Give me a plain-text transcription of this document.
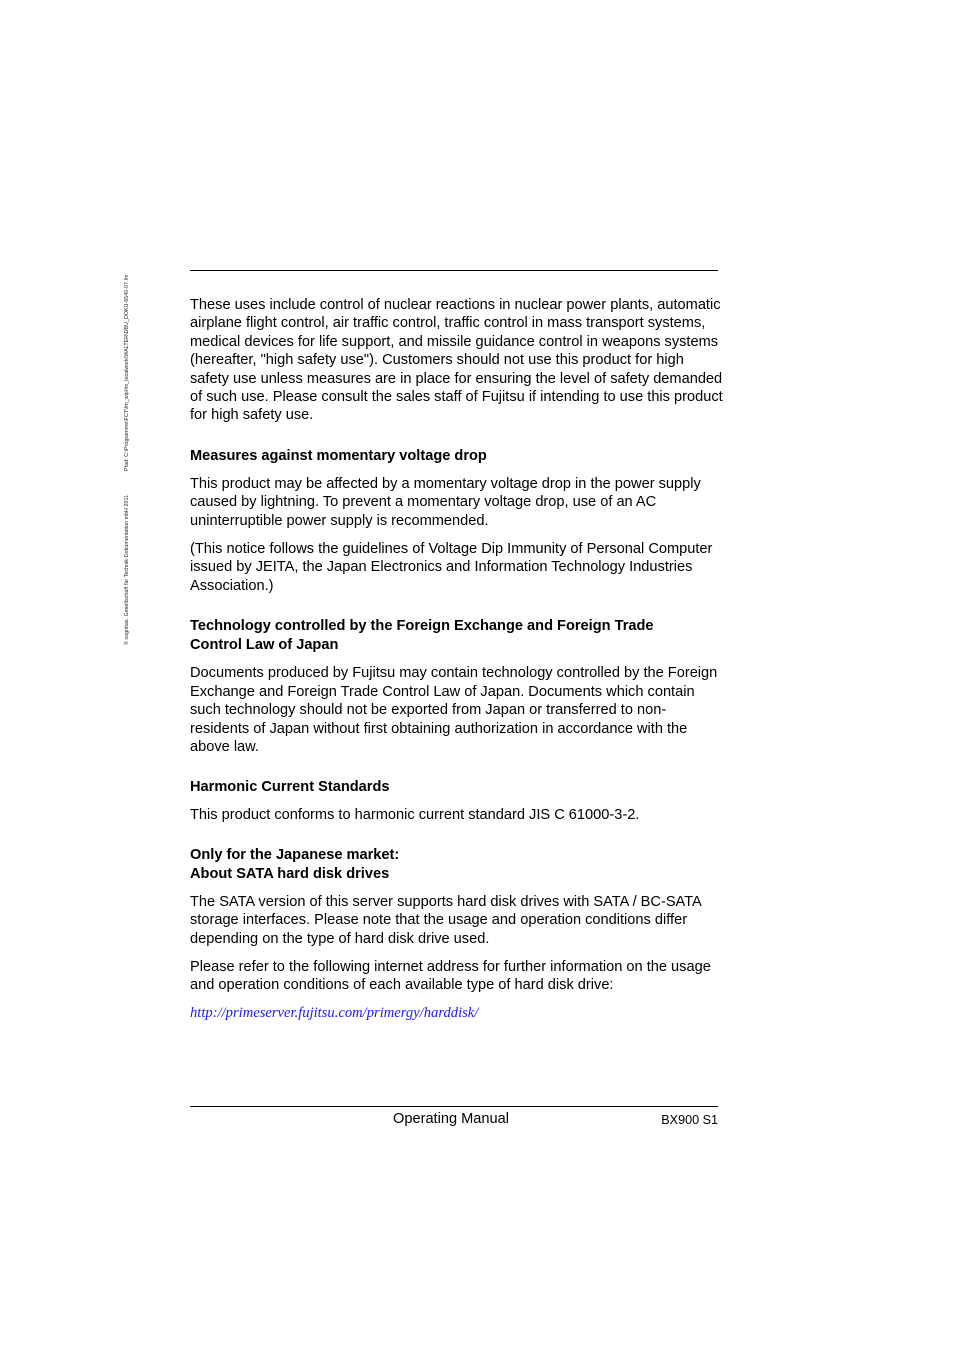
© cognitas. Gesellschaft für Technik-Dokumentation mbH 2011Pfad: C:\Programme\FCT\fm_wip\fm_localwork\WALTER\DBU_DOKU-6540-07.fm	These uses include control of nuclear reactions in nuclear power plants, automatic airplane flight control, air traffic control, traffic control in mass transport systems, medical devices for life support, and missile guidance control in weapons systems (hereafter, "high safety use"). Customers should not use this product for high safety use unless measures are in place for ensuring the level of safety demanded of such use. Please consult the sales staff of Fujitsu if intending to use this product for high safety use.

Measures against momentary voltage drop

This product may be affected by a momentary voltage drop in the power supply caused by lightning. To prevent a momentary voltage drop, use of an AC uninterruptible power supply is recommended.

(This notice follows the guidelines of Voltage Dip Immunity of Personal Computer issued by JEITA, the Japan Electronics and Information Technology Industries Association.)

Technology controlled by the Foreign Exchange and Foreign Trade
Control Law of Japan

Documents produced by Fujitsu may contain technology controlled by the Foreign Exchange and Foreign Trade Control Law of Japan. Documents which contain such technology should not be exported from Japan or transferred to non-residents of Japan without first obtaining authorization in accordance with the above law.

Harmonic Current Standards

This product conforms to harmonic current standard JIS C 61000-3-2.

Only for the Japanese market:
About SATA hard disk drives

The SATA version of this server supports hard disk drives with SATA / BC-SATA storage interfaces. Please note that the usage and operation conditions differ depending on the type of hard disk drive used.

Please refer to the following internet address for further information on the usage and operation conditions of each available type of hard disk drive:

http://primeserver.fujitsu.com/primergy/harddisk/

Operating Manual	BX900 S1
